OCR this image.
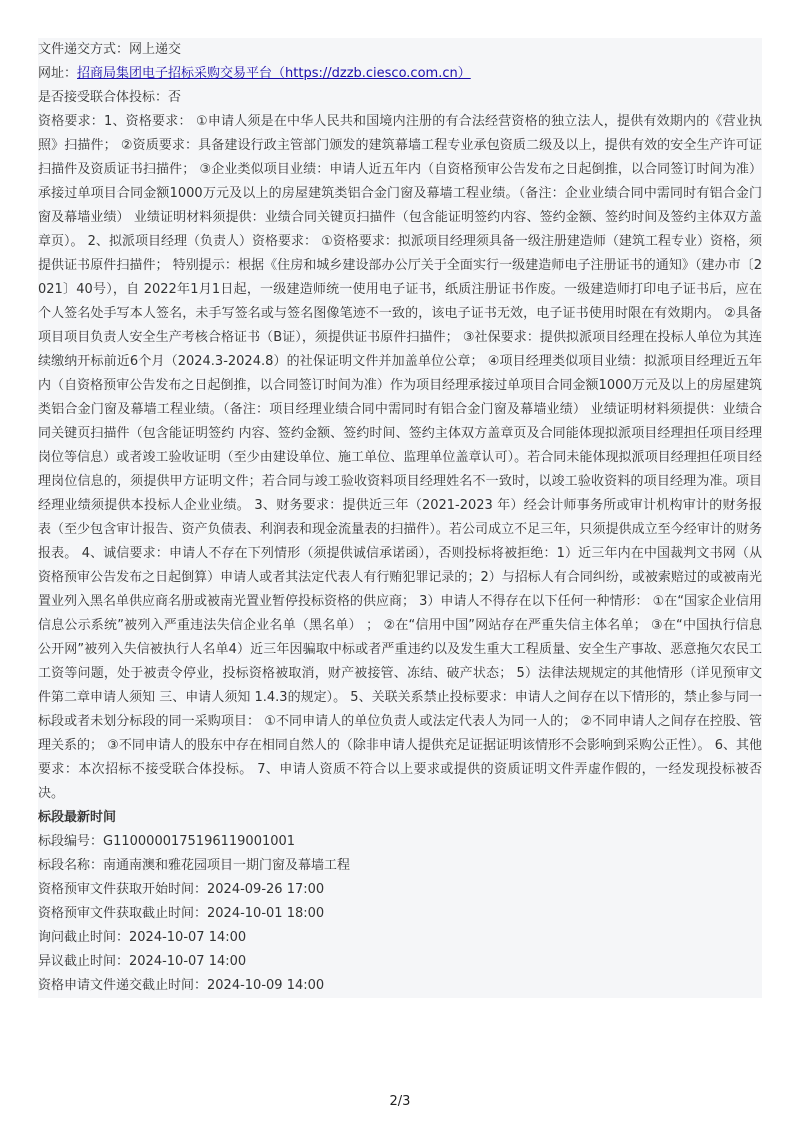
文件递交方式：网上递交
网址：招商局集团电子招标采购交易平台（https://dzzb.ciesco.com.cn）
是否接受联合体投标：否
资格要求：1、资格要求： ①申请人须是在中华人民共和国境内注册的有合法经营资格的独立法人，提供有效期内的《营业执照》扫描件； ②资质要求：具备建设行政主管部门颁发的建筑幕墙工程专业承包资质二级及以上，提供有效的安全生产许可证扫描件及资质证书扫描件； ③企业类似项目业绩：申请人近五年内（自资格预审公告发布之日起倒推，以合同签订时间为准）承接过单项目合同金额1000万元及以上的房屋建筑类铝合金门窗及幕墙工程业绩。（备注：企业业绩合同中需同时有铝合金门窗及幕墙业绩） 业绩证明材料须提供：业绩合同关键页扫描件（包含能证明签约内容、签约金额、签约时间及签约主体双方盖章页）。 2、拟派项目经理（负责人）资格要求： ①资格要求：拟派项目经理须具备一级注册建造师（建筑工程专业）资格，须提供证书原件扫描件； 特别提示：根据《住房和城乡建设部办公厅关于全面实行一级建造师电子注册证书的通知》（建办市〔2021〕40号），自 2022年1月1日起，一级建造师统一使用电子证书，纸质注册证书作废。一级建造师打印电子证书后，应在个人签名处手写本人签名，未手写签名或与签名图像笔迹不一致的，该电子证书无效，电子证书使用时限在有效期内。 ②具备项目项目负责人安全生产考核合格证书（B证），须提供证书原件扫描件； ③社保要求：提供拟派项目经理在投标人单位为其连续缴纳开标前近6个月（2024.3-2024.8）的社保证明文件并加盖单位公章； ④项目经理类似项目业绩：拟派项目经理近五年内（自资格预审公告发布之日起倒推，以合同签订时间为准）作为项目经理承接过单项目合同金额1000万元及以上的房屋建筑类铝合金门窗及幕墙工程业绩。（备注：项目经理业绩合同中需同时有铝合金门窗及幕墙业绩） 业绩证明材料须提供：业绩合同关键页扫描件（包含能证明签约 内容、签约金额、签约时间、签约主体双方盖章页及合同能体现拟派项目经理担任项目经理岗位等信息）或者竣工验收证明（至少由建设单位、施工单位、监理单位盖章认可）。若合同未能体现拟派项目经理担任项目经理岗位信息的，须提供甲方证明文件；若合同与竣工验收资料项目经理姓名不一致时，以竣工验收资料的项目经理为准。项目经理业绩须提供本投标人企业业绩。 3、财务要求：提供近三年（2021-2023 年）经会计师事务所或审计机构审计的财务报表（至少包含审计报告、资产负债表、利润表和现金流量表的扫描件）。若公司成立不足三年，只须提供成立至今经审计的财务报表。 4、诚信要求：申请人不存在下列情形（须提供诚信承诺函），否则投标将被拒绝：1）近三年内在中国裁判文书网（从资格预审公告发布之日起倒算）申请人或者其法定代表人有行贿犯罪记录的；2）与招标人有合同纠纷，或被索赔过的或被南光置业列入黑名单供应商名册或被南光置业暂停投标资格的供应商； 3）申请人不得存在以下任何一种情形： ①在“国家企业信用信息公示系统”被列入严重违法失信企业名单（黑名单） ； ②在“信用中国”网站存在严重失信主体名单； ③在“中国执行信息公开网”被列入失信被执行人名单4）近三年因骗取中标或者严重违约以及发生重大工程质量、安全生产事故、恶意拖欠农民工工资等问题，处于被责令停业，投标资格被取消，财产被接管、冻结、破产状态； 5）法律法规规定的其他情形（详见预审文件第二章申请人须知 三、申请人须知 1.4.3的规定）。 5、关联关系禁止投标要求：申请人之间存在以下情形的，禁止参与同一标段或者未划分标段的同一采购项目： ①不同申请人的单位负责人或法定代表人为同一人的； ②不同申请人之间存在控股、管理关系的； ③不同申请人的股东中存在相同自然人的（除非申请人提供充足证据证明该情形不会影响到采购公正性）。 6、其他要求：本次招标不接受联合体投标。 7、申请人资质不符合以上要求或提供的资质证明文件弄虚作假的，一经发现投标被否决。
标段最新时间
标段编号：G1100000175196119001001
标段名称：南通南澳和雅花园项目一期门窗及幕墙工程
资格预审文件获取开始时间：2024-09-26 17:00
资格预审文件获取截止时间：2024-10-01 18:00
询问截止时间：2024-10-07 14:00
异议截止时间：2024-10-07 14:00
资格申请文件递交截止时间：2024-10-09 14:00
2/3
